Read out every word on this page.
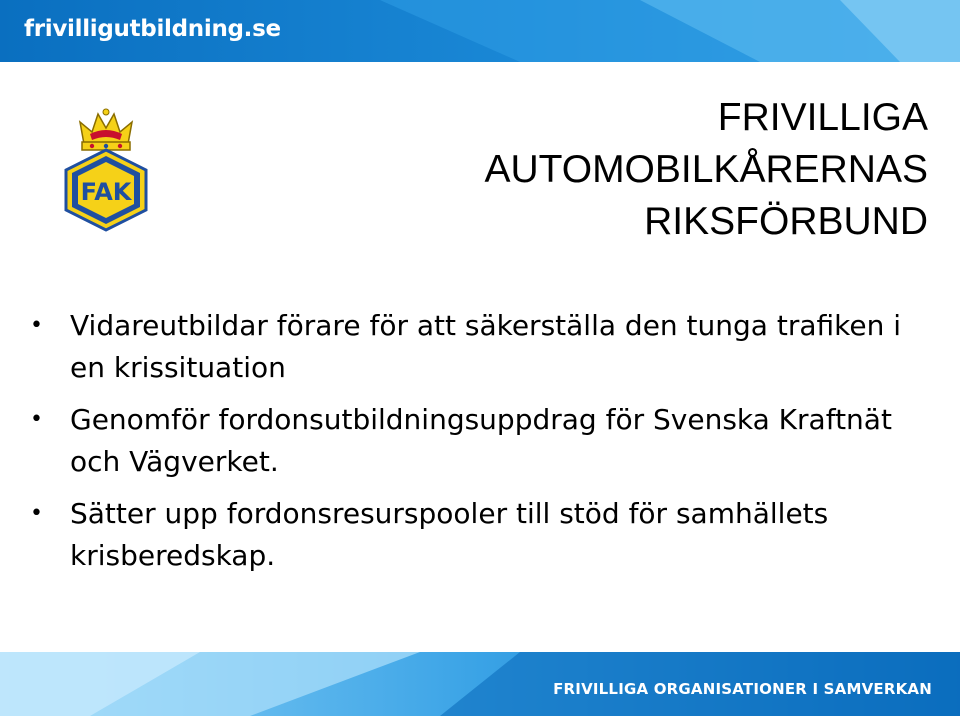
frivilligutbildning.se
FAK
FRIVILLIGA
AUTOMOBILKÅRERNAS
RIKSFÖRBUND
• Vidareutbildar förare för att säkerställa den tunga trafiken i en krissituation
• Genomför fordonsutbildningsuppdrag för Svenska Kraftnät och Vägverket.
• Sätter upp fordonsresurspooler till stöd för samhällets krisberedskap.
FRIVILLIGA ORGANISATIONER I SAMVERKAN
